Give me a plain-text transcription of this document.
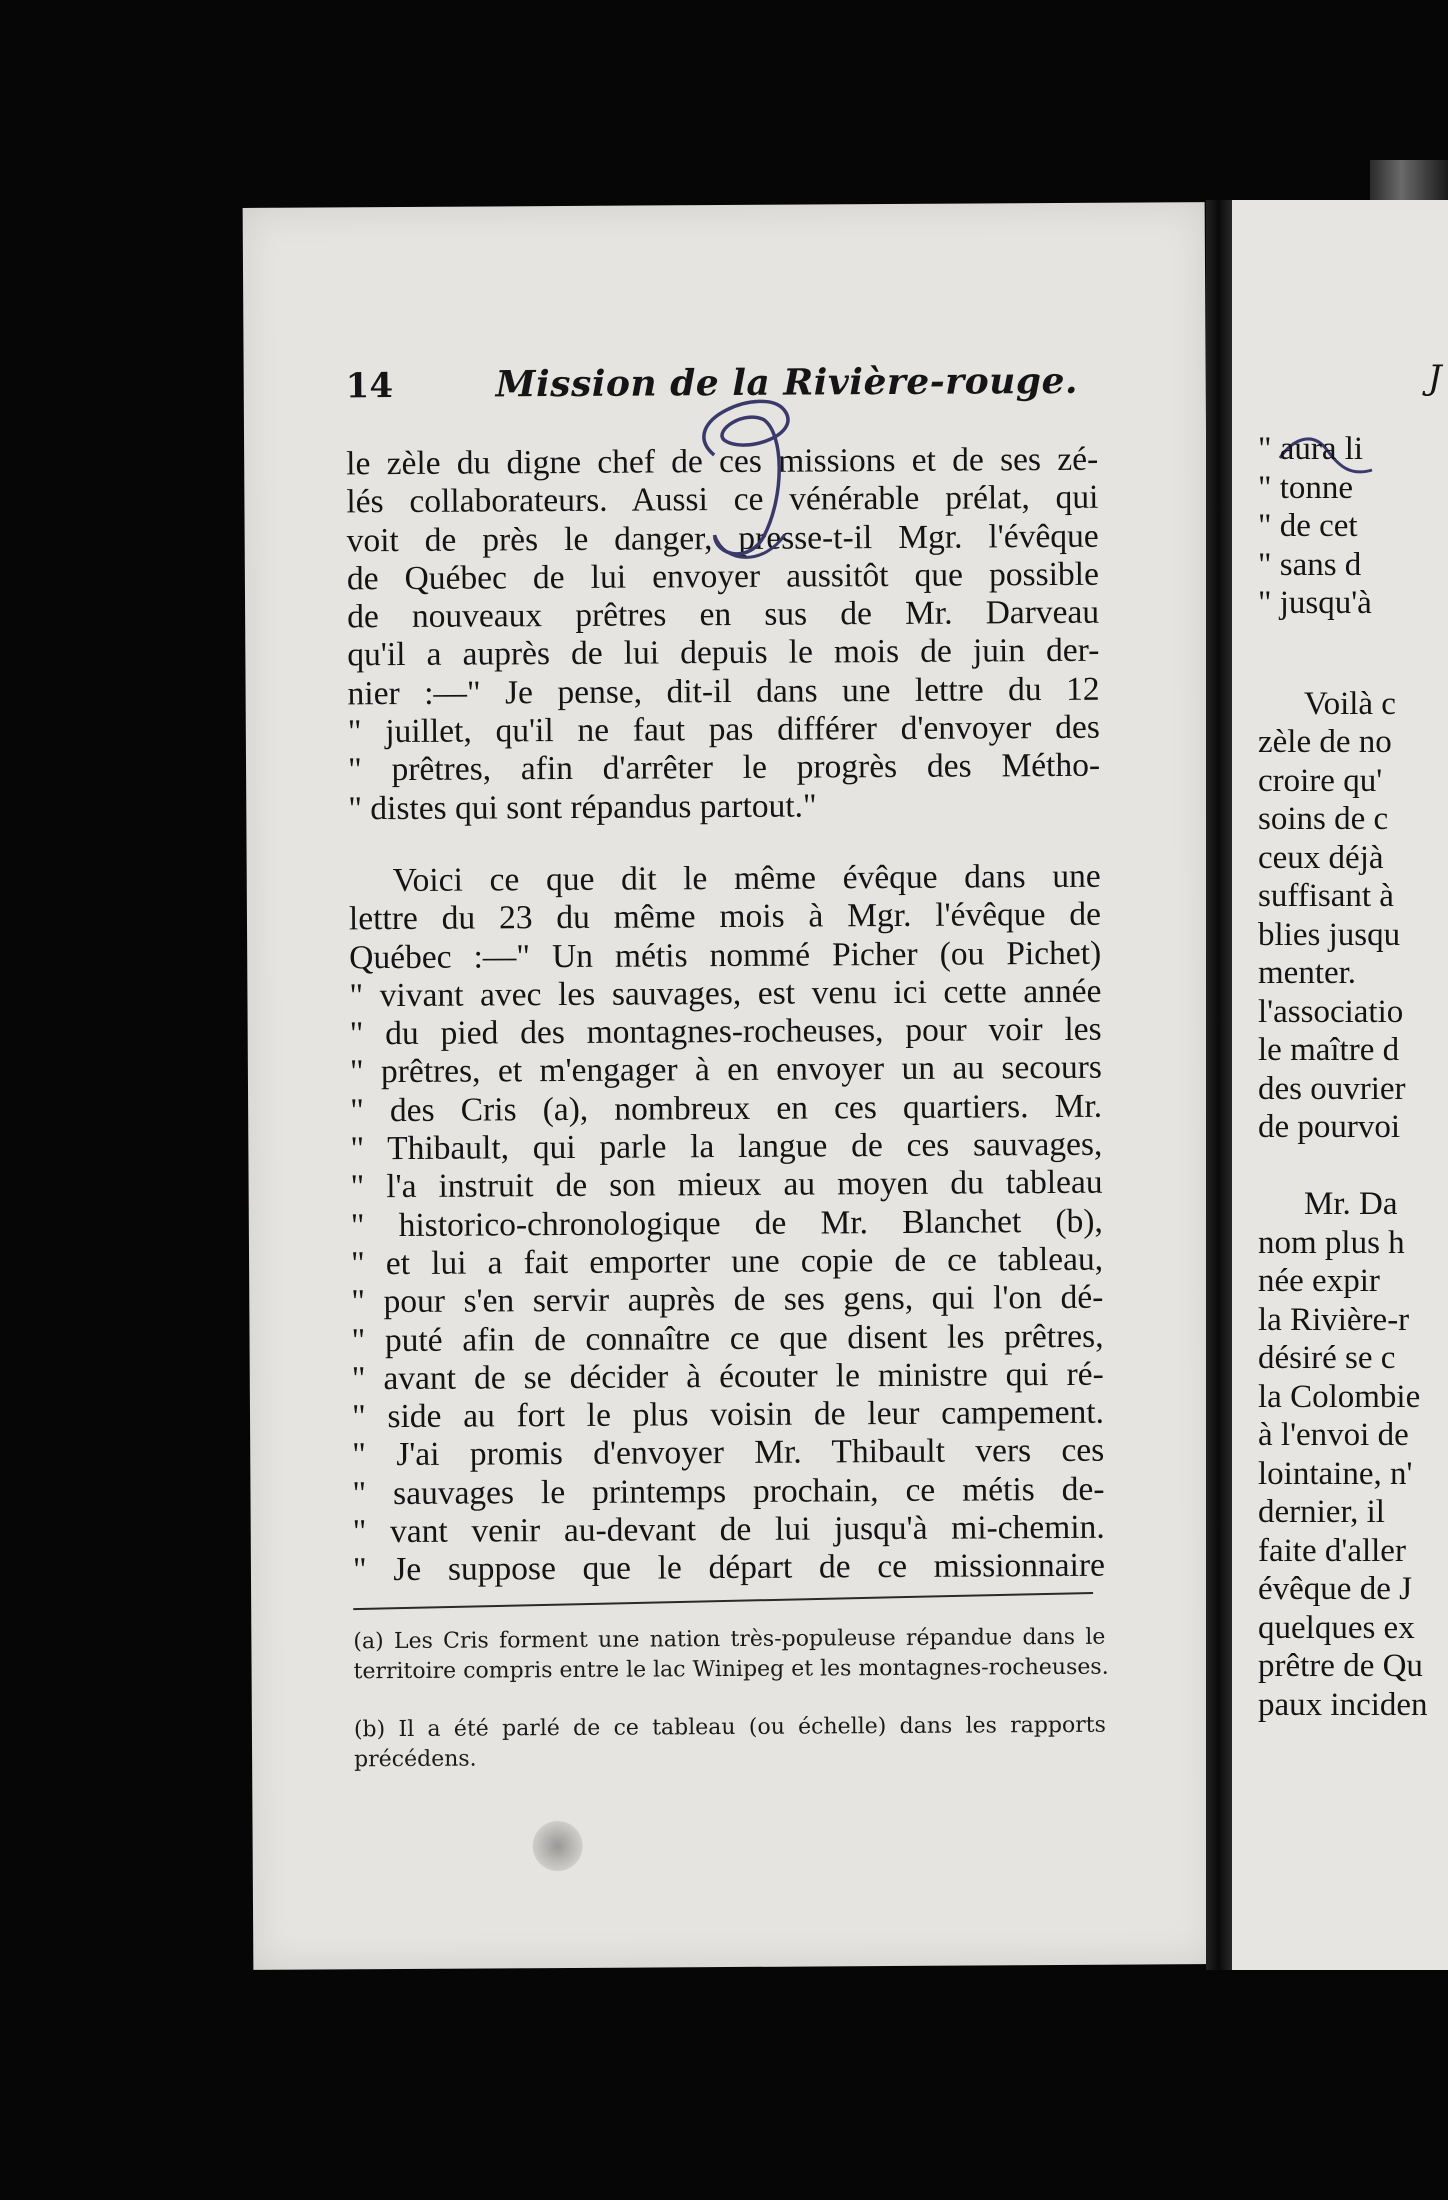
14	Mission de la Rivière-rouge.
le zèle du digne chef de ces missions et de ses zé-
lés collaborateurs. Aussi ce vénérable prélat, qui
voit de près le danger, presse-t-il Mgr. l'évêque
de Québec de lui envoyer aussitôt que possible
de nouveaux prêtres en sus de Mr. Darveau
qu'il a auprès de lui depuis le mois de juin der-
nier :—" Je pense, dit-il dans une lettre du 12
" juillet, qu'il ne faut pas différer d'envoyer des
" prêtres, afin d'arrêter le progrès des Métho-
" distes qui sont répandus partout."
Voici ce que dit le même évêque dans une
lettre du 23 du même mois à Mgr. l'évêque de
Québec :—" Un métis nommé Picher (ou Pichet)
" vivant avec les sauvages, est venu ici cette année
" du pied des montagnes-rocheuses, pour voir les
" prêtres, et m'engager à en envoyer un au secours
" des Cris (a), nombreux en ces quartiers. Mr.
" Thibault, qui parle la langue de ces sauvages,
" l'a instruit de son mieux au moyen du tableau
" historico-chronologique de Mr. Blanchet (b),
" et lui a fait emporter une copie de ce tableau,
" pour s'en servir auprès de ses gens, qui l'on dé-
" puté afin de connaître ce que disent les prêtres,
" avant de se décider à écouter le ministre qui ré-
" side au fort le plus voisin de leur campement.
" J'ai promis d'envoyer Mr. Thibault vers ces
" sauvages le printemps prochain, ce métis de-
" vant venir au-devant de lui jusqu'à mi-chemin.
" Je suppose que le départ de ce missionnaire
(a) Les Cris forment une nation très-populeuse répandue dans le
territoire compris entre le lac Winipeg et les montagnes-rocheuses.
(b) Il a été parlé de ce tableau (ou échelle) dans les rapports
précédens.
J
" aura li
" tonne
" de cet
" sans d
" jusqu'à
Voilà c
zèle de no
croire qu'
soins de c
ceux déjà
suffisant à
blies jusqu
menter.
l'associatio
le maître d
des ouvrier
de pourvoi
Mr. Da
nom plus h
née expir
la Rivière-r
désiré se c
la Colombie
à l'envoi de
lointaine, n'
dernier, il
faite d'aller
évêque de J
quelques ex
prêtre de Qu
paux inciden
